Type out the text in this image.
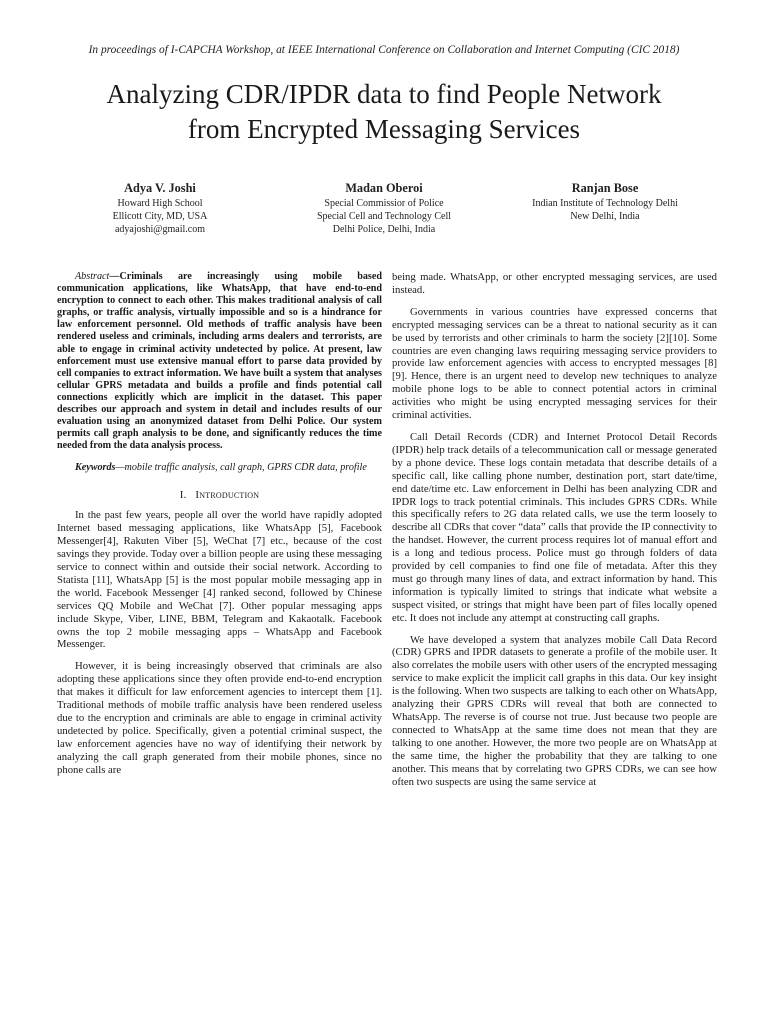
In proceedings of I-CAPCHA Workshop, at IEEE International Conference on Collaboration and Internet Computing (CIC 2018)
Analyzing CDR/IPDR data to find People Network
from Encrypted Messaging Services
Adya V. Joshi
Howard High School
Ellicott City, MD, USA
adyajoshi@gmail.com
Madan Oberoi
Special Commissior of Police
Special Cell and Technology Cell
Delhi Police, Delhi, India
Ranjan Bose
Indian Institute of Technology Delhi
New Delhi, India

Abstract—Criminals are increasingly using mobile based communication applications, like WhatsApp, that have end-to-end encryption to connect to each other. This makes traditional analysis of call graphs, or traffic analysis, virtually impossible and so is a hindrance for law enforcement personnel. Old methods of traffic analysis have been rendered useless and criminals, including arms dealers and terrorists, are able to engage in criminal activity undetected by police. At present, law enforcement must use extensive manual effort to parse data provided by cell companies to extract information. We have built a system that analyses cellular GPRS metadata and builds a profile and finds potential call connections explicitly which are implicit in the dataset. This paper describes our approach and system in detail and includes results of our evaluation using an anonymized dataset from Delhi Police. Our system permits call graph analysis to be done, and significantly reduces the time needed from the data analysis process.

Keywords—mobile traffic analysis, call graph, GPRS CDR data, profile

I. Introduction

In the past few years, people all over the world have rapidly adopted Internet based messaging applications, like WhatsApp [5], Facebook Messenger[4], Rakuten Viber [5], WeChat [7] etc., because of the cost savings they provide. Today over a billion people are using these messaging service to connect within and outside their social network. According to Statista [11], WhatsApp [5] is the most popular mobile messaging app in the world. Facebook Messenger [4] ranked second, followed by Chinese services QQ Mobile and WeChat [7]. Other popular messaging apps include Skype, Viber, LINE, BBM, Telegram and Kakaotalk. Facebook owns the top 2 mobile messaging apps – WhatsApp and Facebook Messenger.

However, it is being increasingly observed that criminals are also adopting these applications since they often provide end-to-end encryption that makes it difficult for law enforcement agencies to intercept them [1]. Traditional methods of mobile traffic analysis have been rendered useless due to the encryption and criminals are able to engage in criminal activity undetected by police. Specifically, given a potential criminal suspect, the law enforcement agencies have no way of identifying their network by analyzing the call graph generated from their mobile phones, since no phone calls are

being made. WhatsApp, or other encrypted messaging services, are used instead.

Governments in various countries have expressed concerns that encrypted messaging services can be a threat to national security as it can be used by terrorists and other criminals to harm the society [2][10]. Some countries are even changing laws requiring messaging service providers to provide law enforcement agencies with access to encrypted messages [8][9]. Hence, there is an urgent need to develop new techniques to analyze mobile phone logs to be able to connect potential actors in criminal activities who might be using encrypted messaging services for their criminal activities.

Call Detail Records (CDR) and Internet Protocol Detail Records (IPDR) help track details of a telecommunication call or message generated by a phone device. These logs contain metadata that describe details of a specific call, like calling phone number, destination port, start date/time, end date/time etc. Law enforcement in Delhi has been analyzing CDR and IPDR logs to track potential criminals. This includes GPRS CDRs. While this specifically refers to 2G data related calls, we use the term loosely to describe all CDRs that cover “data” calls that provide the IP connectivity to the handset. However, the current process requires lot of manual effort and is a long and tedious process. Police must go through folders of data provided by cell companies to find one file of metadata. After this they must go through many lines of data, and extract information by hand. This information is typically limited to strings that indicate what website a suspect visited, or strings that might have been part of files locally opened etc. It does not include any attempt at constructing call graphs.

We have developed a system that analyzes mobile Call Data Record (CDR) GPRS and IPDR datasets to generate a profile of the mobile user. It also correlates the mobile users with other users of the encrypted messaging service to make explicit the implicit call graphs in this data. Our key insight is the following. When two suspects are talking to each other on WhatsApp, analyzing their GPRS CDRs will reveal that both are connected to WhatsApp. The reverse is of course not true. Just because two people are connected to WhatsApp at the same time does not mean that they are talking to one another. However, the more two people are on WhatsApp at the same time, the higher the probability that they are talking to one another. This means that by correlating two GPRS CDRs, we can see how often two suspects are using the same service at
